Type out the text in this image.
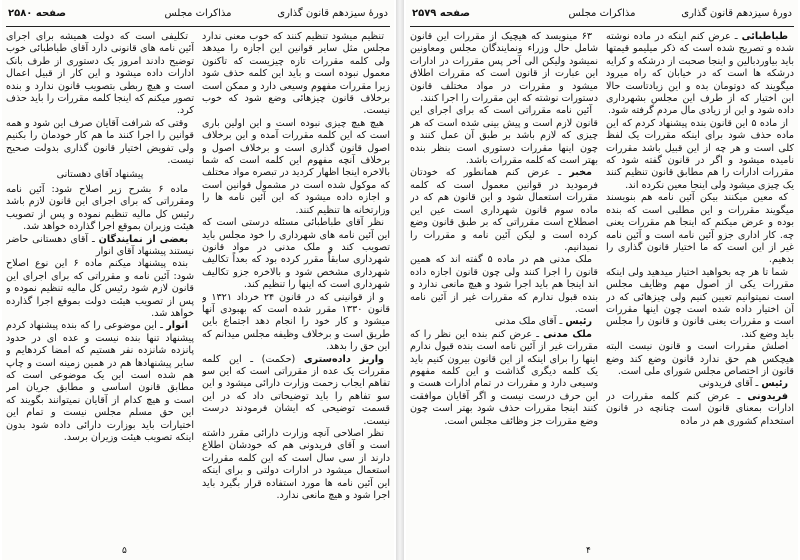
دورهٔ سیزدهم قانون گذاری
مذاکرات مجلس
صفحه ۲۵۸۰

تنظیم میشود تنظیم کنند که خوب معنی ندارد مجلس مثل سایر قوانین این اجازه را میدهد ولی کلمه مقررات تازه چیزیست که تاکنون معمول نبوده است و باید این کلمه حذف شود زیرا مقررات مفهوم وسیعی دارد و ممکن است برخلاف قانون چیزهائی وضع شود که خوب نیست.

هیچ هیچ چیزی نبوده است و این اولین باری است که این کلمه مقررات آمده و این برخلاف اصول قانون گذاری است و برخلاف اصول و برخلاف آنچه مفهوم این کلمه است که شما بالاخره اینجا اظهار کردید در تبصره مواد مختلف که موکول شده است در مشمول قوانین است و اجازه داده میشود که این آئین نامه ها را وزارتخانه ها تنظیم کنند.

نظر آقای طباطبائی مسئله درستی است که این آئین نامه های شهرداری را خود مجلس باید تصویب کند و ملک مدنی در مواد قانون شهرداری سابقاً مقرر کرده بود که بعداً تکالیف شهرداری مشخص شود و بالاخره جزو تکالیف شهرداری است که اینها را تنظیم کند.

و از قوانینی که در قانون ۲۴ خرداد ۱۳۲۱ و قانون ۱۳۳۰ مقرر شده است که بهبودی آنها میشود و کار خود را انجام دهد اجتماع باین طریق است و برخلاف وظیفه مجلس میدانم که این حق را بدهد.

واریز داده‌ستری (حکمت) ـ این کلمه مقررات یک عده از مقرراتی است که این سو تفاهم ایجاب زحمت وزارت دارائی میشود و این سو تفاهم را باید توضیحاتی داد که در این قسمت توضیحی که ایشان فرمودند درست نیست.

نظر اصلاحی آنچه وزارت دارائی مقرر داشته است و آقای فریدونی هم که خودشان اطلاع دارند از سی سال است که این کلمه مقررات استعمال میشود در ادارات دولتی و برای اینکه این آئین نامه ها مورد استفاده قرار بگیرد باید اجرا شود و هیچ مانعی ندارد.

تکلیفی است که دولت همیشه برای اجرای آئین نامه های قانونی دارد آقای طباطبائی خوب توضیح دادند امروز یک دستوری از طرف بانک ادارات داده میشود و این کار از قبیل اعمال است و هیچ ربطی بتصویب قانون ندارد و بنده تصور میکنم که اینجا کلمه مقررات را باید حذف کرد.

وقتی که شرافت آقایان صرف این شود و همه قوانین را اجرا کنند ما هم کار خودمان را بکنیم ولی تفویض اختیار قانون گذاری بدولت صحیح نیست.

پیشنهاد آقای دهستانی

ماده ۶ بشرح زیر اصلاح شود: آئین نامه ومقرراتی که برای اجرای این قانون لازم باشد رئیس کل مالیه تنظیم نموده و پس از تصویب هیئت وزیران بموقع اجرا گذارده خواهد شد.

بعضی از نمایندگان ـ آقای دهستانی حاضر نیستند پیشنهاد آقای انوار

بنده پیشنهاد میکنم ماده ۶ این نوع اصلاح شود: آئین نامه و مقرراتی که برای اجرای این قانون لازم شود رئیس کل مالیه تنظیم نموده و پس از تصویب هیئت دولت بموقع اجرا گذارده خواهد شد.

انوار ـ این موضوعی را که بنده پیشنهاد کردم پیشنهاد تنها بنده نیست و عده ای در حدود پانزده شانزده نفر هستیم که امضا کردهایم و سایر پیشنهادها هم در همین زمینه است و چاپ هم شده است این یک موضوعی است که مطابق قانون اساسی و مطابق جریان امر است و هیچ کدام از آقایان نمیتوانند بگویند که این حق مسلم مجلس نیست و تمام این اختیارات باید بوزارت دارائی داده شود بدون اینکه تصویب هیئت وزیران برسد.

۵
دورهٔ سیزدهم قانون گذاری
مذاکرات مجلس
صفحه ۲۵۷۹

طباطبائی ـ عرض کنم اینکه در ماده نوشته شده و تصریح شده است که ذکر میلیمو قیمتها باید بیاوردبالین و اینجا صحبت از درشکه و کرایه درشکه ها است که در خیابان که راه میرود میگویند که دوتومان بده و این زیادتاست حالا این اختیار که از طرف این مجلس بشهرداری داده شود و این از زیادی مال مردم گرفته شود.

از ماده ۵ این قانون بنده پیشنهاد کردم که این ماده حذف شود برای اینکه مقررات یک لفظ کلی است و هر چه از این قبیل باشد مقررات نامیده میشود و اگر در قانون گفته شود که مقررات ادارات را هم مطابق قانون تنظیم کنند یک چیزی میشود ولی اینجا معین نکرده اند.

که معین میکنند بیکن آئین نامه هم بنویسند میگویند مقررات و این مطلبی است که بنده بوده و عرض میکنم که اینجا هم مقررات یعنی چه. کار اداری جزو آئین نامه است و آئین نامه غیر از این است که ما اختیار قانون گذاری را بدهیم.

شما تا هر چه بخواهید اختیار میدهید ولی اینکه مقررات یکی از اصول مهم وظایف مجلس است نمیتوانیم تعیین کنیم ولی چیزهائی که در آن اختیار داده شده است چون اینها مقررات است و مقررات یعنی قانون و قانون را مجلس باید وضع کند.

اصلش مقررات است و قانون نیست البته هیچکس هم حق ندارد قانون وضع کند وضع قانون از اختصاص مجلس شورای ملی است.

رئیس ـ آقای فریدونی

فریدونی ـ عرض کنم کلمه مقررات در ادارات بمعنای قانون است چنانچه در قانون استخدام کشوری هم در ماده

۶۳ مینویسد که هیچیک از مقررات این قانون شامل حال وزراء ونمایندگان مجلس ومعاونین نمیشود ولیکن الی آخر پس مقررات در ادارات این عبارت از قانون است که مقررات اطلاق میشود و مقررات در مواد مختلف قانون دستورات نوشته که این مقررات را اجرا کنند.

آئین نامه مقرراتی است که برای اجرای این قانون لازم است و پیش بینی شده است که هر چیزی که لازم باشد بر طبق آن عمل کنند و چون اینها مقررات دستوری است بنظر بنده بهتر است که کلمه مقررات باشد.

مخبر ـ عرض کنم همانطور که خودتان فرمودید در قوانین معمول است که کلمه مقررات استعمال شود و این قانون هم که در ماده سوم قانون شهرداری است عین این اصطلاح است مقرراتی که بر طبق قانون وضع کرده است و لیکن آئین نامه و مقررات را نمیدانیم.

ملک مدنی هم در ماده ۵ گفته اند که همین قانون را اجرا کنند ولی چون قانون اجازه داده اند اینجا هم باید اجرا شود و هیچ مانعی ندارد و بنده قبول ندارم که مقررات غیر از آئین نامه است.

رئیس ـ آقای ملک مدنی

ملک مدنی ـ عرض کنم بنده این نظر را که مقررات غیر از آئین نامه است بنده قبول ندارم اینها را برای اینکه از این قانون بیرون کنیم باید یک کلمه دیگری گذاشت و این کلمه مفهوم وسیعی دارد و مقررات در تمام ادارات هست و این حرف درست نیست و اگر آقایان موافقت کنند اینجا مقررات حذف شود بهتر است چون وضع مقررات جز وظائف مجلس است.

۴
